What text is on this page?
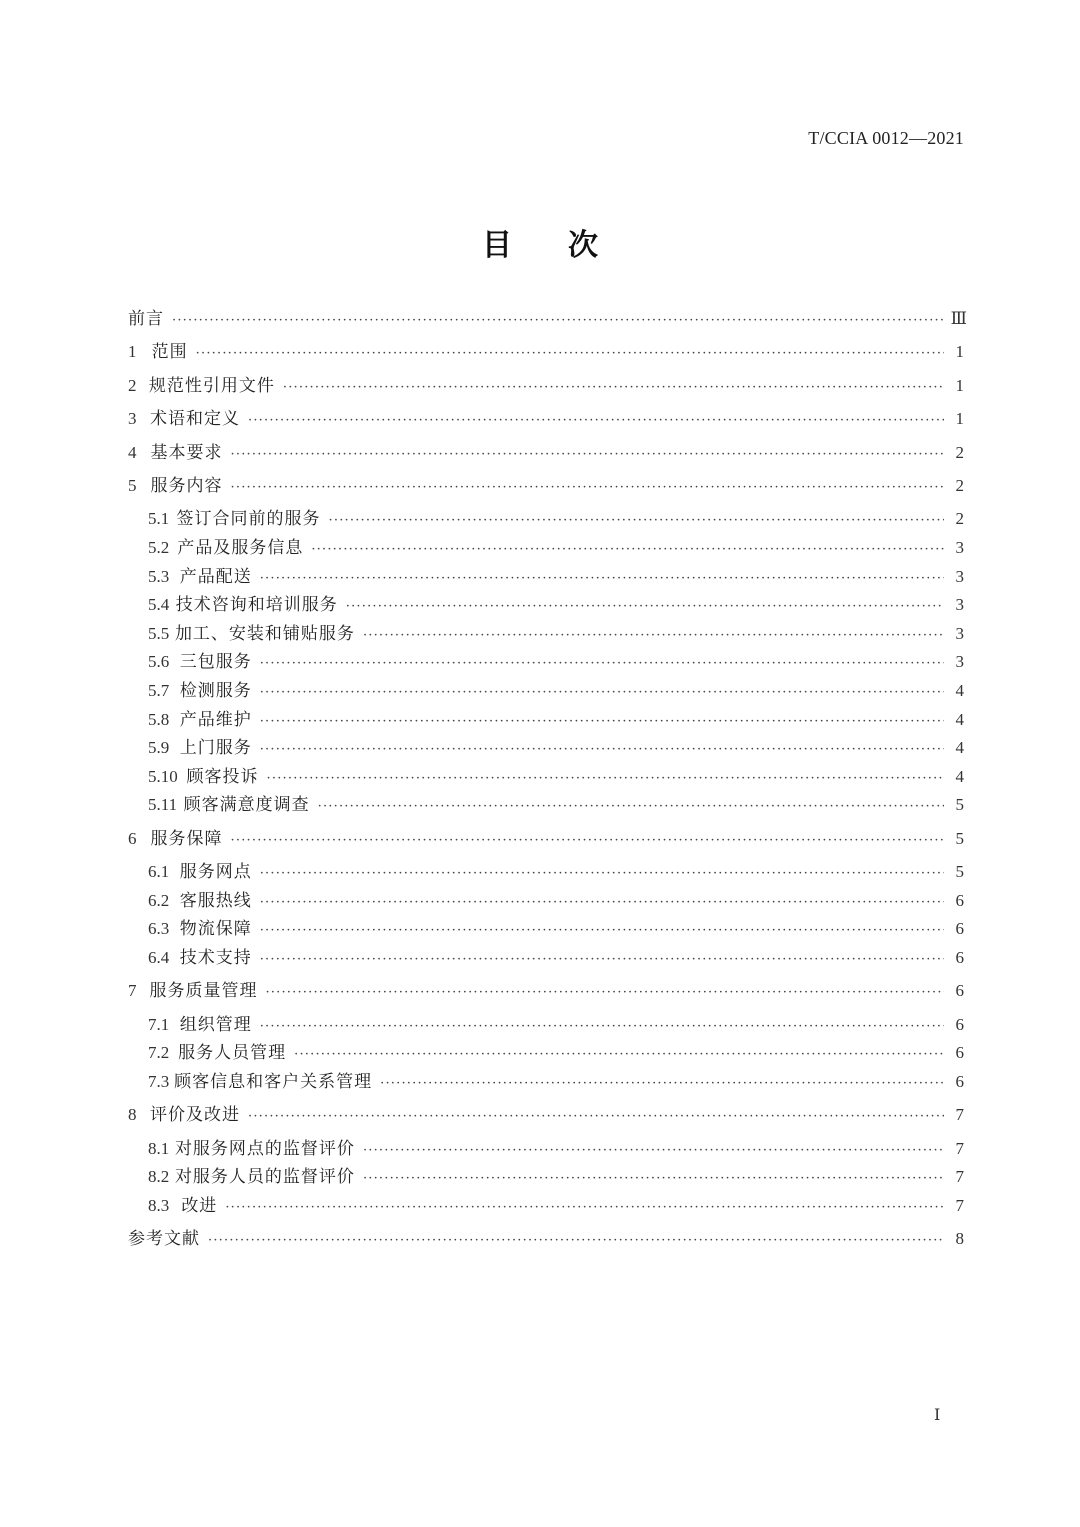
T/CCIA 0012—2021
目 次
前言 ·····	Ⅲ
1 范围 ·····	1
2 规范性引用文件 ·····	1
3 术语和定义 ·····	1
4 基本要求 ·····	2
5 服务内容 ·····	2
5.1 签订合同前的服务 ·····	2
5.2 产品及服务信息 ·····	3
5.3 产品配送 ·····	3
5.4 技术咨询和培训服务 ·····	3
5.5 加工、安装和铺贴服务 ·····	3
5.6 三包服务 ·····	3
5.7 检测服务 ·····	4
5.8 产品维护 ·····	4
5.9 上门服务 ·····	4
5.10 顾客投诉 ·····	4
5.11 顾客满意度调查 ·····	5
6 服务保障 ·····	5
6.1 服务网点 ·····	5
6.2 客服热线 ·····	6
6.3 物流保障 ·····	6
6.4 技术支持 ·····	6
7 服务质量管理 ·····	6
7.1 组织管理 ·····	6
7.2 服务人员管理 ·····	6
7.3 顾客信息和客户关系管理 ·····	6
8 评价及改进 ·····	7
8.1 对服务网点的监督评价 ·····	7
8.2 对服务人员的监督评价 ·····	7
8.3 改进 ·····	7
参考文献 ·····	8
Ⅰ
